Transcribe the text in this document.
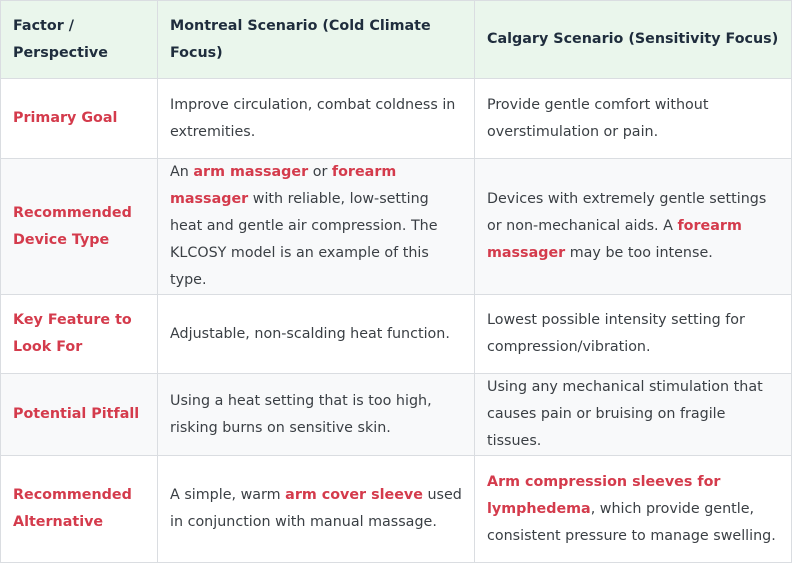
Factor / Perspective	Montreal Scenario (Cold Climate Focus)	Calgary Scenario (Sensitivity Focus)
Primary Goal	Improve circulation, combat coldness in extremities.	Provide gentle comfort without overstimulation or pain.
Recommended Device Type	An arm massager or forearm massager with reliable, low-setting heat and gentle air compression. The KLCOSY model is an example of this type.	Devices with extremely gentle settings or non-mechanical aids. A forearm massager may be too intense.
Key Feature to Look For	Adjustable, non-scalding heat function.	Lowest possible intensity setting for compression/vibration.
Potential Pitfall	Using a heat setting that is too high, risking burns on sensitive skin.	Using any mechanical stimulation that causes pain or bruising on fragile tissues.
Recommended Alternative	A simple, warm arm cover sleeve used in conjunction with manual massage.	Arm compression sleeves for lymphedema, which provide gentle, consistent pressure to manage swelling.
